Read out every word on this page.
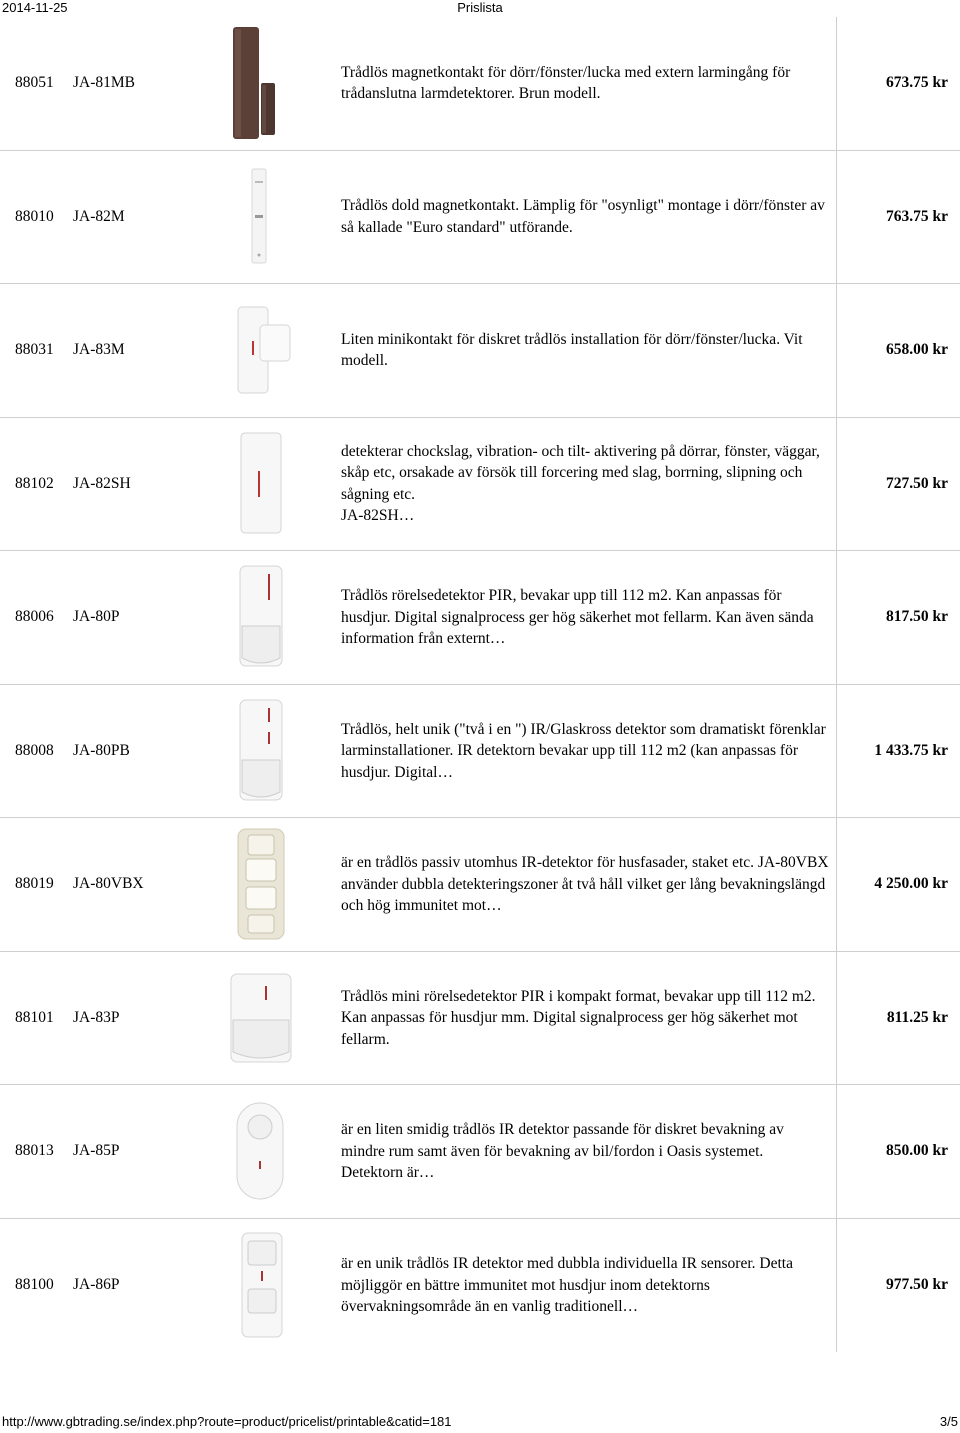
2014-11-25	Prislista
88051 JA-81MB
Trådlös magnetkontakt för dörr/fönster/lucka med extern larmingång för trådanslutna larmdetektorer. Brun modell.
673.75 kr
88010 JA-82M
Trådlös dold magnetkontakt. Lämplig för "osynligt" montage i dörr/fönster av så kallade "Euro standard" utförande.
763.75 kr
88031 JA-83M
Liten minikontakt för diskret trådlös installation för dörr/fönster/lucka. Vit modell.
658.00 kr
88102 JA-82SH
detekterar chockslag, vibration- och tilt- aktivering på dörrar, fönster, väggar, skåp etc, orsakade av försök till forcering med slag, borrning, slipning och sågning etc.
JA-82SH…
727.50 kr
88006 JA-80P
Trådlös rörelsedetektor PIR, bevakar upp till 112 m2. Kan anpassas för husdjur. Digital signalprocess ger hög säkerhet mot fellarm. Kan även sända information från externt…
817.50 kr
88008 JA-80PB
Trådlös, helt unik ("två i en ") IR/Glaskross detektor som dramatiskt förenklar larminstallationer. IR detektorn bevakar upp till 112 m2 (kan anpassas för husdjur. Digital…
1 433.75 kr
88019 JA-80VBX
är en trådlös passiv utomhus IR-detektor för husfasader, staket etc. JA-80VBX använder dubbla detekteringszoner åt två håll vilket ger lång bevakningslängd och hög immunitet mot…
4 250.00 kr
88101 JA-83P
Trådlös mini rörelsedetektor PIR i kompakt format, bevakar upp till 112 m2. Kan anpassas för husdjur mm. Digital signalprocess ger hög säkerhet mot fellarm.
811.25 kr
88013 JA-85P
är en liten smidig trådlös IR detektor passande för diskret bevakning av mindre rum samt även för bevakning av bil/fordon i Oasis systemet. Detektorn är…
850.00 kr
88100 JA-86P
är en unik trådlös IR detektor med dubbla individuella IR sensorer. Detta möjliggör en bättre immunitet mot husdjur inom detektorns övervakningsområde än en vanlig traditionell…
977.50 kr
http://www.gbtrading.se/index.php?route=product/pricelist/printable&catid=181	3/5
